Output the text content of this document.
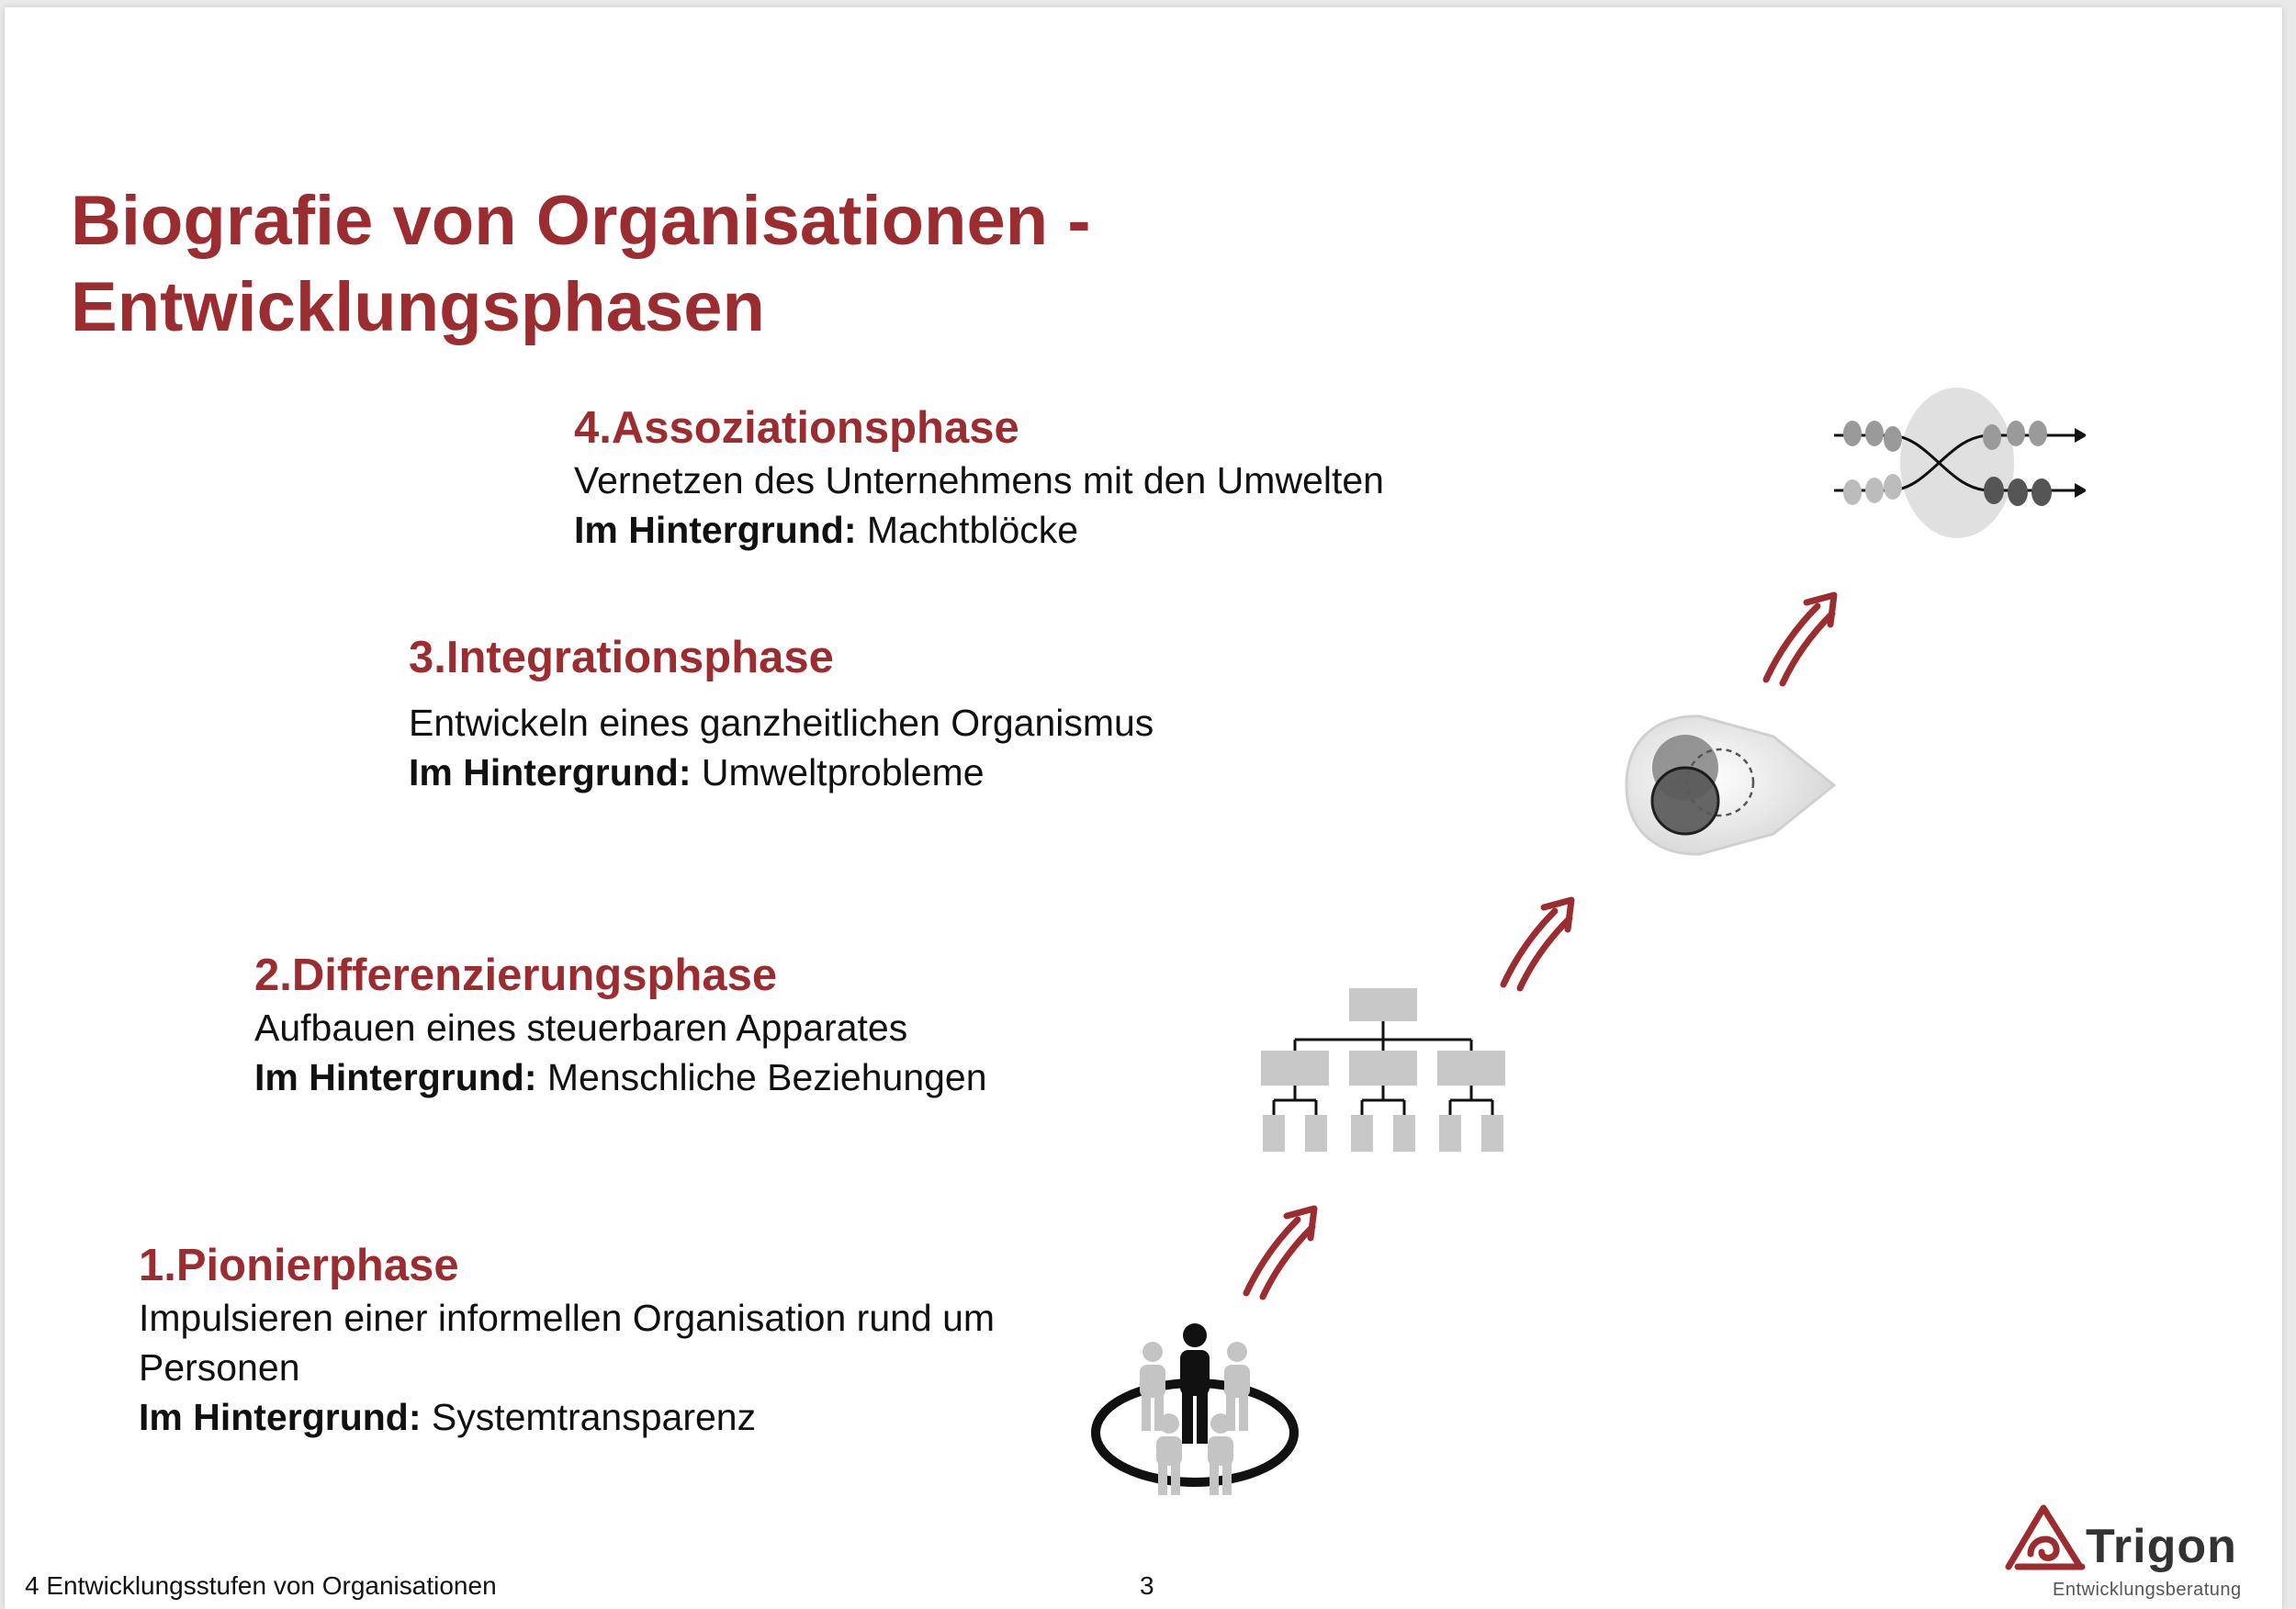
Biografie von Organisationen - Entwicklungsphasen

4.Assoziationsphase

Vernetzen des Unternehmens mit den Umwelten

Im Hintergrund: Machtblöcke

3.Integrationsphase

Entwickeln eines ganzheitlichen Organismus

Im Hintergrund: Umweltprobleme

2.Differenzierungsphase

Aufbauen eines steuerbaren Apparates

Im Hintergrund: Menschliche Beziehungen

1.Pionierphase

Impulsieren einer informellen Organisation rund um Personen

Im Hintergrund: Systemtransparenz

4 Entwicklungsstufen von Organisationen	3
Trigon
Entwicklungsberatung
